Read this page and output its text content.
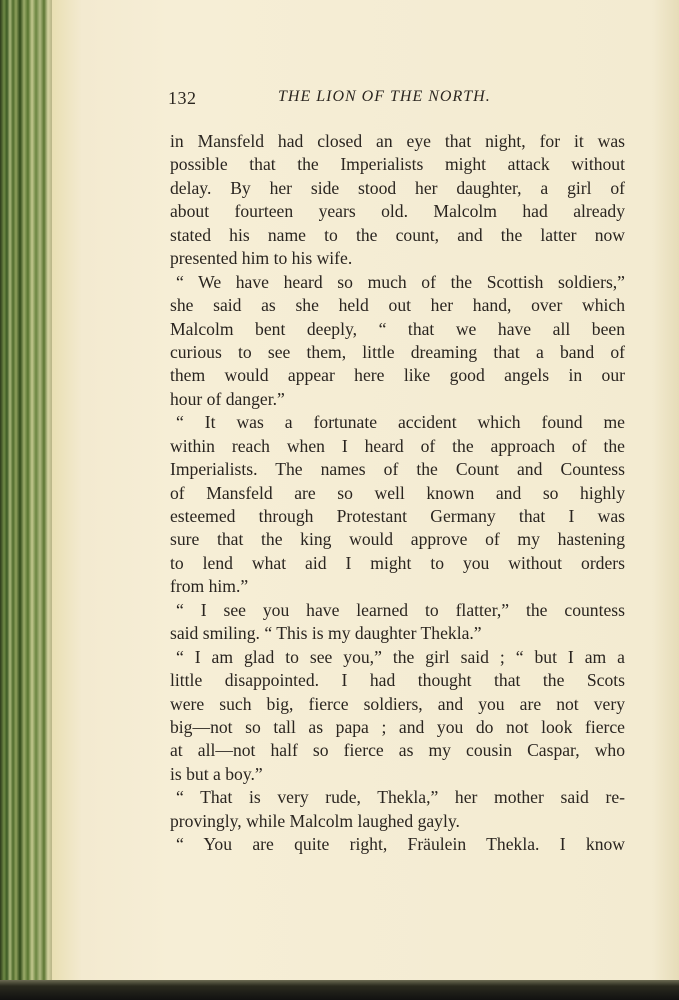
132	THE LION OF THE NORTH.
in Mansfeld had closed an eye that night, for it was
possible that the Imperialists might attack without
delay. By her side stood her daughter, a girl of
about fourteen years old. Malcolm had already
stated his name to the count, and the latter now
presented him to his wife.
“ We have heard so much of the Scottish soldiers,”
she said as she held out her hand, over which
Malcolm bent deeply, “ that we have all been
curious to see them, little dreaming that a band of
them would appear here like good angels in our
hour of danger.”
“ It was a fortunate accident which found me
within reach when I heard of the approach of the
Imperialists. The names of the Count and Countess
of Mansfeld are so well known and so highly
esteemed through Protestant Germany that I was
sure that the king would approve of my hastening
to lend what aid I might to you without orders
from him.”
“ I see you have learned to flatter,” the countess
said smiling. “ This is my daughter Thekla.”
“ I am glad to see you,” the girl said ; “ but I am a
little disappointed. I had thought that the Scots
were such big, fierce soldiers, and you are not very
big—not so tall as papa ; and you do not look fierce
at all—not half so fierce as my cousin Caspar, who
is but a boy.”
“ That is very rude, Thekla,” her mother said re-
provingly, while Malcolm laughed gayly.
“ You are quite right, Fräulein Thekla. I know
